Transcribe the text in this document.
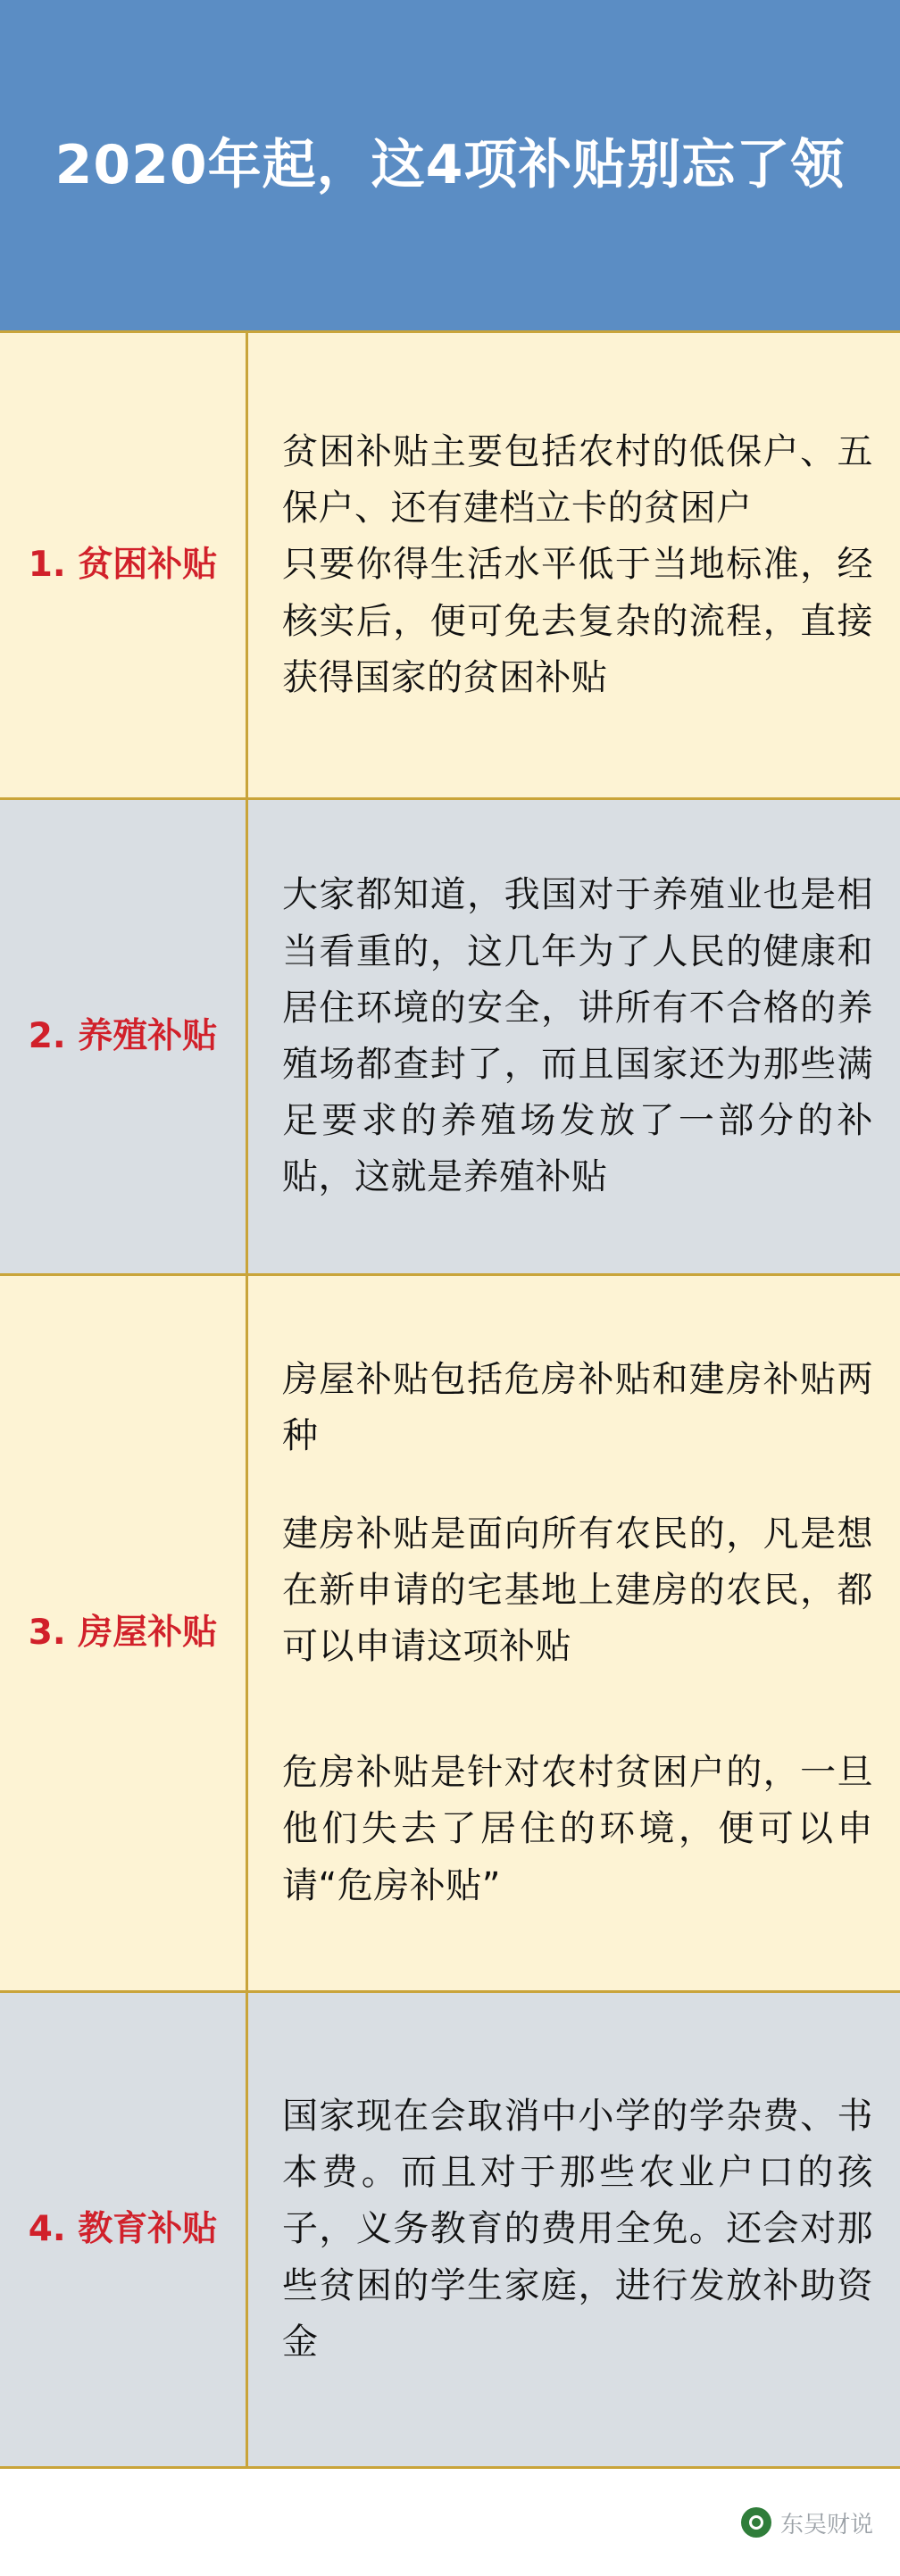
2020年起，这4项补贴别忘了领
1. 贫困补贴

贫困补贴主要包括农村的低保户、五保户、还有建档立卡的贫困户

只要你得生活水平低于当地标准，经核实后，便可免去复杂的流程，直接获得国家的贫困补贴

2. 养殖补贴

大家都知道，我国对于养殖业也是相当看重的，这几年为了人民的健康和居住环境的安全，讲所有不合格的养殖场都查封了，而且国家还为那些满足要求的养殖场发放了一部分的补贴，这就是养殖补贴

3. 房屋补贴

房屋补贴包括危房补贴和建房补贴两种

建房补贴是面向所有农民的，凡是想在新申请的宅基地上建房的农民，都可以申请这项补贴

危房补贴是针对农村贫困户的，一旦他们失去了居住的环境，便可以申请“危房补贴”

4. 教育补贴

国家现在会取消中小学的学杂费、书本费。而且对于那些农业户口的孩子，义务教育的费用全免。还会对那些贫困的学生家庭，进行发放补助资金

东吴财说
